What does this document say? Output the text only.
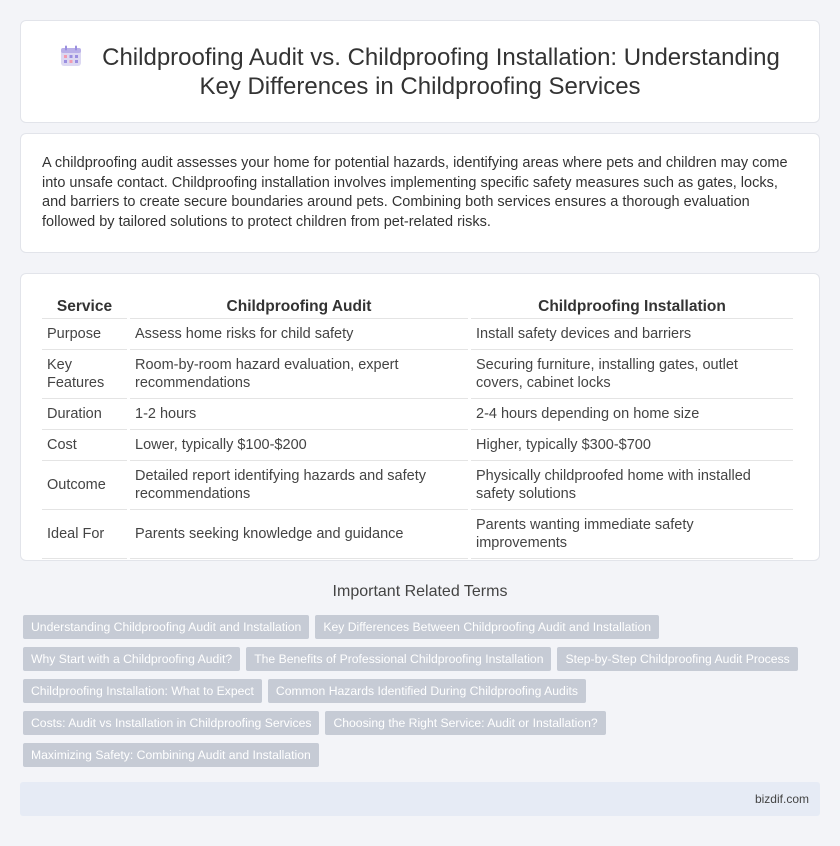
Childproofing Audit vs. Childproofing Installation: Understanding Key Differences in Childproofing Services

A childproofing audit assesses your home for potential hazards, identifying areas where pets and children may come into unsafe contact. Childproofing installation involves implementing specific safety measures such as gates, locks, and barriers to create secure boundaries around pets. Combining both services ensures a thorough evaluation followed by tailored solutions to protect children from pet-related risks.

Service	Childproofing Audit	Childproofing Installation
Purpose	Assess home risks for child safety	Install safety devices and barriers
Key Features	Room-by-room hazard evaluation, expert recommendations	Securing furniture, installing gates, outlet covers, cabinet locks
Duration	1-2 hours	2-4 hours depending on home size
Cost	Lower, typically $100-$200	Higher, typically $300-$700
Outcome	Detailed report identifying hazards and safety recommendations	Physically childproofed home with installed safety solutions
Ideal For	Parents seeking knowledge and guidance	Parents wanting immediate safety improvements
Important Related Terms
Understanding Childproofing Audit and Installation	Key Differences Between Childproofing Audit and Installation
Why Start with a Childproofing Audit?	The Benefits of Professional Childproofing Installation	Step-by-Step Childproofing Audit Process
Childproofing Installation: What to Expect	Common Hazards Identified During Childproofing Audits
Costs: Audit vs Installation in Childproofing Services	Choosing the Right Service: Audit or Installation?
Maximizing Safety: Combining Audit and Installation
bizdif.com
